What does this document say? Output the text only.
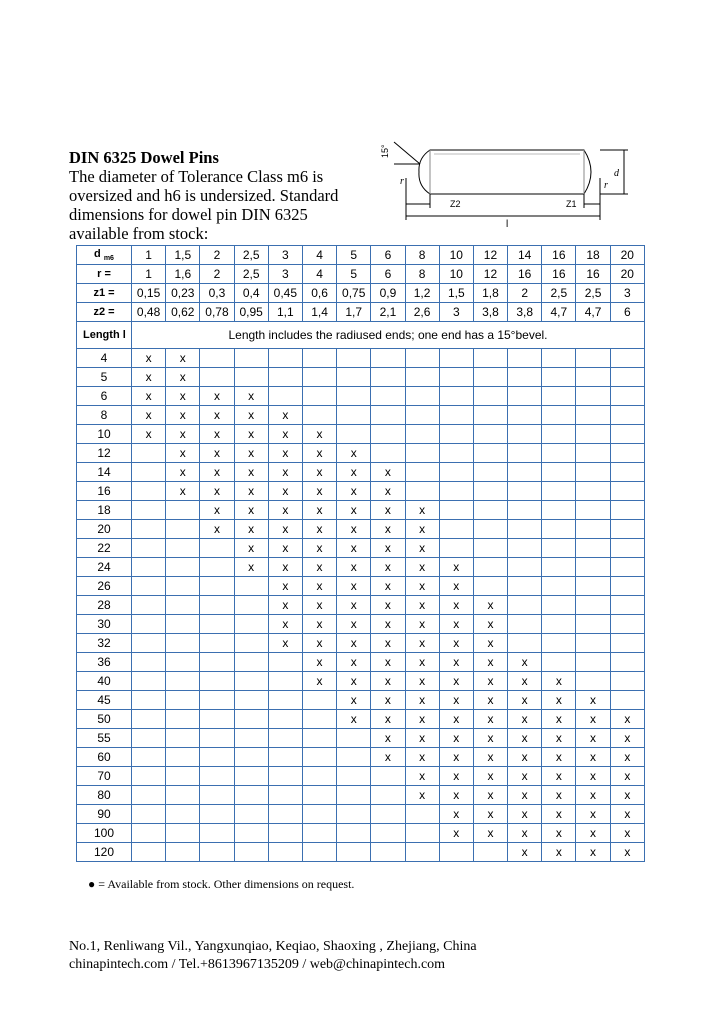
DIN 6325 Dowel Pins
The diameter of Tolerance Class m6 is oversized and h6 is undersized. Standard dimensions for dowel pin DIN 6325 available from stock:
15°
r	r
d
Z2	Z1
l
d $_{m6}$	1	1,5	2	2,5	3	4	5	6	8	10	12	14	16	18	20
r =	1	1,6	2	2,5	3	4	5	6	8	10	12	16	16	16	20
z1 =	0,15	0,23	0,3	0,4	0,45	0,6	0,75	0,9	1,2	1,5	1,8	2	2,5	2,5	3
z2 =	0,48	0,62	0,78	0,95	1,1	1,4	1,7	2,1	2,6	3	3,8	3,8	4,7	4,7	6
Length l	Length includes the radiused ends; one end has a 15°bevel.														
4	x	x													
5	x	x													
6	x	x	x	x											
8	x	x	x	x	x										
10	x	x	x	x	x	x									
12		x	x	x	x	x	x								
14		x	x	x	x	x	x	x							
16		x	x	x	x	x	x	x							
18			x	x	x	x	x	x	x						
20			x	x	x	x	x	x	x						
22				x	x	x	x	x	x						
24				x	x	x	x	x	x	x					
26					x	x	x	x	x	x					
28					x	x	x	x	x	x	x				
30					x	x	x	x	x	x	x				
32					x	x	x	x	x	x	x				
36						x	x	x	x	x	x	x			
40						x	x	x	x	x	x	x	x		
45							x	x	x	x	x	x	x	x	
50							x	x	x	x	x	x	x	x	x
55								x	x	x	x	x	x	x	x
60								x	x	x	x	x	x	x	x
70									x	x	x	x	x	x	x
80									x	x	x	x	x	x	x
90										x	x	x	x	x	x
100										x	x	x	x	x	x
120												x	x	x	x
● = Available from stock. Other dimensions on request.
No.1, Renliwang Vil., Yangxunqiao, Keqiao, Shaoxing , Zhejiang, China
chinapintech.com / Tel.+8613967135209 / web@chinapintech.com
